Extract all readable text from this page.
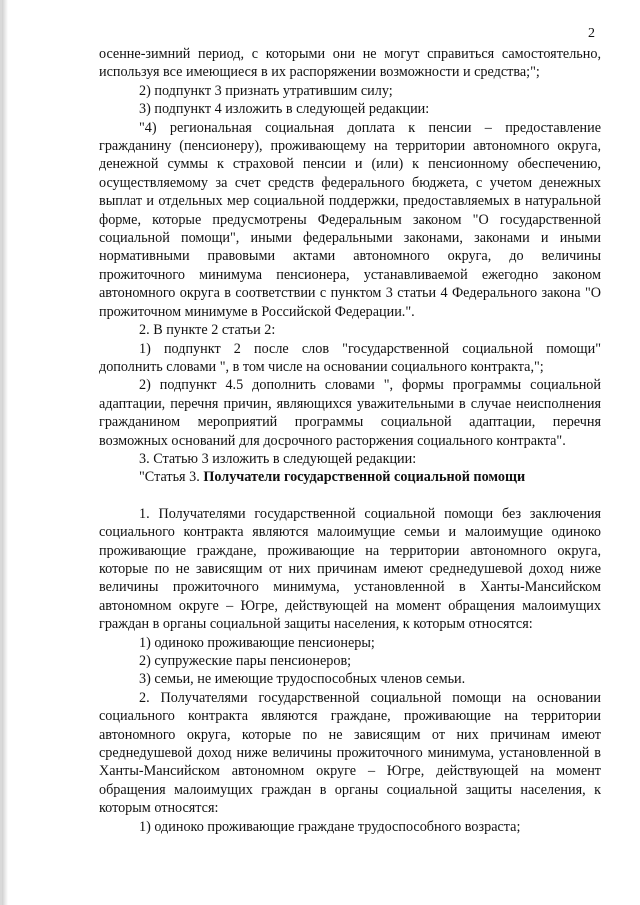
2

осенне-зимний период, с которыми они не могут справиться самостоятельно, используя все имеющиеся в их распоряжении возможности и средства;";

2) подпункт 3 признать утратившим силу;

3) подпункт 4 изложить в следующей редакции:

"4) региональная социальная доплата к пенсии – предоставление гражданину (пенсионеру), проживающему на территории автономного округа, денежной суммы к страховой пенсии и (или) к пенсионному обеспечению, осуществляемому за счет средств федерального бюджета, с учетом денежных выплат и отдельных мер социальной поддержки, предоставляемых в натуральной форме, которые предусмотрены Федеральным законом "О государственной социальной помощи", иными федеральными законами, законами и иными нормативными правовыми актами автономного округа, до величины прожиточного минимума пенсионера, устанавливаемой ежегодно законом автономного округа в соответствии с пунктом 3 статьи 4 Федерального закона "О прожиточном минимуме в Российской Федерации.".

2. В пункте 2 статьи 2:

1) подпункт 2 после слов "государственной социальной помощи" дополнить словами ", в том числе на основании социального контракта,";

2) подпункт 4.5 дополнить словами ", формы программы социальной адаптации, перечня причин, являющихся уважительными в случае неисполнения гражданином мероприятий программы социальной адаптации, перечня возможных оснований для досрочного расторжения социального контракта".

3. Статью 3 изложить в следующей редакции:

"Статья 3. Получатели государственной социальной помощи

1. Получателями государственной социальной помощи без заключения социального контракта являются малоимущие семьи и малоимущие одиноко проживающие граждане, проживающие на территории автономного округа, которые по не зависящим от них причинам имеют среднедушевой доход ниже величины прожиточного минимума, установленной в Ханты-Мансийском автономном округе – Югре, действующей на момент обращения малоимущих граждан в органы социальной защиты населения, к которым относятся:

1) одиноко проживающие пенсионеры;

2) супружеские пары пенсионеров;

3) семьи, не имеющие трудоспособных членов семьи.

2. Получателями государственной социальной помощи на основании социального контракта являются граждане, проживающие на территории автономного округа, которые по не зависящим от них причинам имеют среднедушевой доход ниже величины прожиточного минимума, установленной в Ханты-Мансийском автономном округе – Югре, действующей на момент обращения малоимущих граждан в органы социальной защиты населения, к которым относятся:

1) одиноко проживающие граждане трудоспособного возраста;
